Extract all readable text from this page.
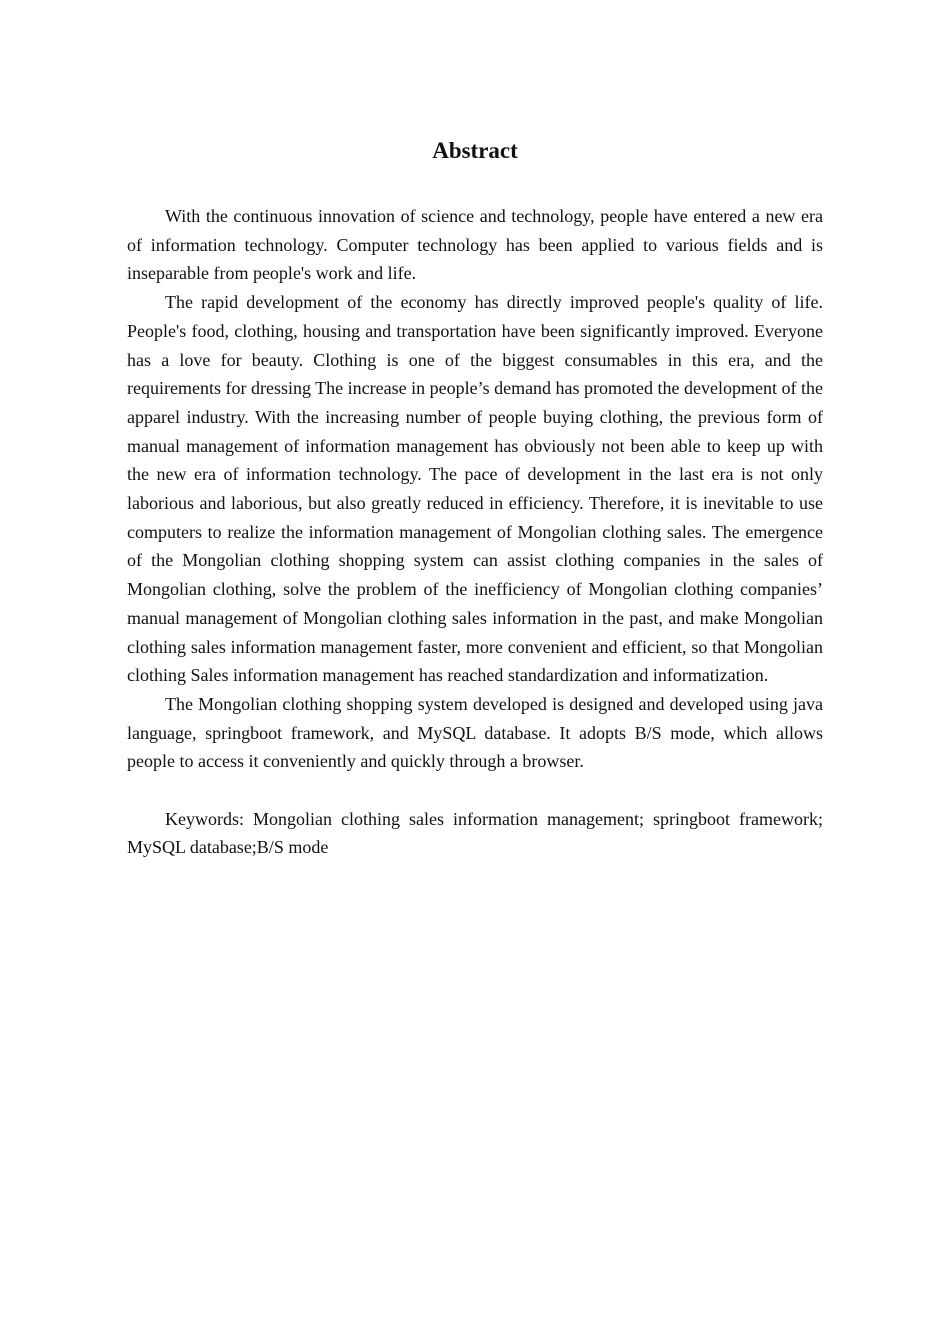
Abstract

With the continuous innovation of science and technology, people have entered a new era of information technology. Computer technology has been applied to various fields and is inseparable from people's work and life.

The rapid development of the economy has directly improved people's quality of life. People's food, clothing, housing and transportation have been significantly improved. Everyone has a love for beauty. Clothing is one of the biggest consumables in this era, and the requirements for dressing The increase in people’s demand has promoted the development of the apparel industry. With the increasing number of people buying clothing, the previous form of manual management of information management has obviously not been able to keep up with the new era of information technology. The pace of development in the last era is not only laborious and laborious, but also greatly reduced in efficiency. Therefore, it is inevitable to use computers to realize the information management of Mongolian clothing sales. The emergence of the Mongolian clothing shopping system can assist clothing companies in the sales of Mongolian clothing, solve the problem of the inefficiency of Mongolian clothing companies’ manual management of Mongolian clothing sales information in the past, and make Mongolian clothing sales information management faster, more convenient and efficient, so that Mongolian clothing Sales information management has reached standardization and informatization.

The Mongolian clothing shopping system developed is designed and developed using java language, springboot framework, and MySQL database. It adopts B/S mode, which allows people to access it conveniently and quickly through a browser.

Keywords: Mongolian clothing sales information management; springboot framework; MySQL database;B/S mode
